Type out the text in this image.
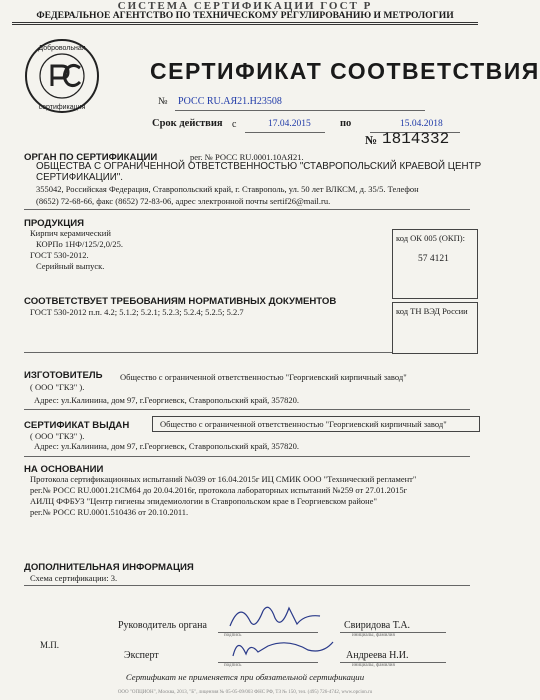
СИСТЕМА СЕРТИФИКАЦИИ ГОСТ Р
ФЕДЕРАЛЬНОЕ АГЕНТСТВО ПО ТЕХНИЧЕСКОМУ РЕГУЛИРОВАНИЮ И МЕТРОЛОГИИ
Добровольная
сертификация
РСТ
СЕРТИФИКАТ СООТВЕТСТВИЯ
№ РОСС RU.АЯ21.Н23508
Срок действия с	17.04.2015	по	15.04.2018
№ 1814332
ОРГАН ПО СЕРТИФИКАЦИИ	рег. № РОСС RU.0001.10АЯ21.
ОБЩЕСТВА С ОГРАНИЧЕННОЙ ОТВЕТСТВЕННОСТЬЮ "СТАВРОПОЛЬСКИЙ КРАЕВОЙ ЦЕНТР
СЕРТИФИКАЦИИ".
355042, Российская Федерация, Ставропольский край, г. Ставрополь, ул. 50 лет ВЛКСМ, д. 35/5. Телефон
(8652) 72-68-66, факс (8652) 72-83-06, адрес электронной почты sertif26@mail.ru.
ПРОДУКЦИЯ
Кирпич керамический
КОРПо 1НФ/125/2,0/25.
ГОСТ 530-2012.
Серийный выпуск.
код ОК 005 (ОКП):
57 4121
СООТВЕТСТВУЕТ ТРЕБОВАНИЯМ НОРМАТИВНЫХ ДОКУМЕНТОВ
ГОСТ 530-2012 п.п. 4.2; 5.1.2; 5.2.1; 5.2.3; 5.2.4; 5.2.5; 5.2.7	код ТН ВЭД России
ИЗГОТОВИТЕЛЬ Общество с ограниченной ответственностью "Георгиевский кирпичный завод"
( ООО "ГКЗ" ).
Адрес: ул.Калинина, дом 97, г.Георгиевск, Ставропольский край, 357820.
СЕРТИФИКАТ ВЫДАН	Общество с ограниченной ответственностью "Георгиевский кирпичный завод"
( ООО "ГКЗ" ).
Адрес: ул.Калинина, дом 97, г.Георгиевск, Ставропольский край, 357820.
НА ОСНОВАНИИ
Протокола сертификационных испытаний №039 от 16.04.2015г ИЦ СМИК ООО "Технический регламент"
рег.№ РОСС RU.0001.21СМ64 до 20.04.2016г, протокола лабораторных испытаний №259 от 27.01.2015г
АИЛЦ ФФБУЗ "Центр гигиены эпидемиологии в Ставропольском крае в Георгиевском районе"
рег.№ РОСС RU.0001.510436 от 20.10.2011.
ДОПОЛНИТЕЛЬНАЯ ИНФОРМАЦИЯ
Схема сертификации: 3.
Руководитель органа
подпись
Свиридова Т.А.
инициалы, фамилия
М.П.
Эксперт
подпись
Андреева Н.И.
инициалы, фамилия
Сертификат не применяется при обязательной сертификации
ООО "ОПЦИОН", Москва, 2013, "Б", лицензия № 05-05-09/003 ФНС РФ, ТЗ № 150, тел. (495) 726-4742, www.opcion.ru
